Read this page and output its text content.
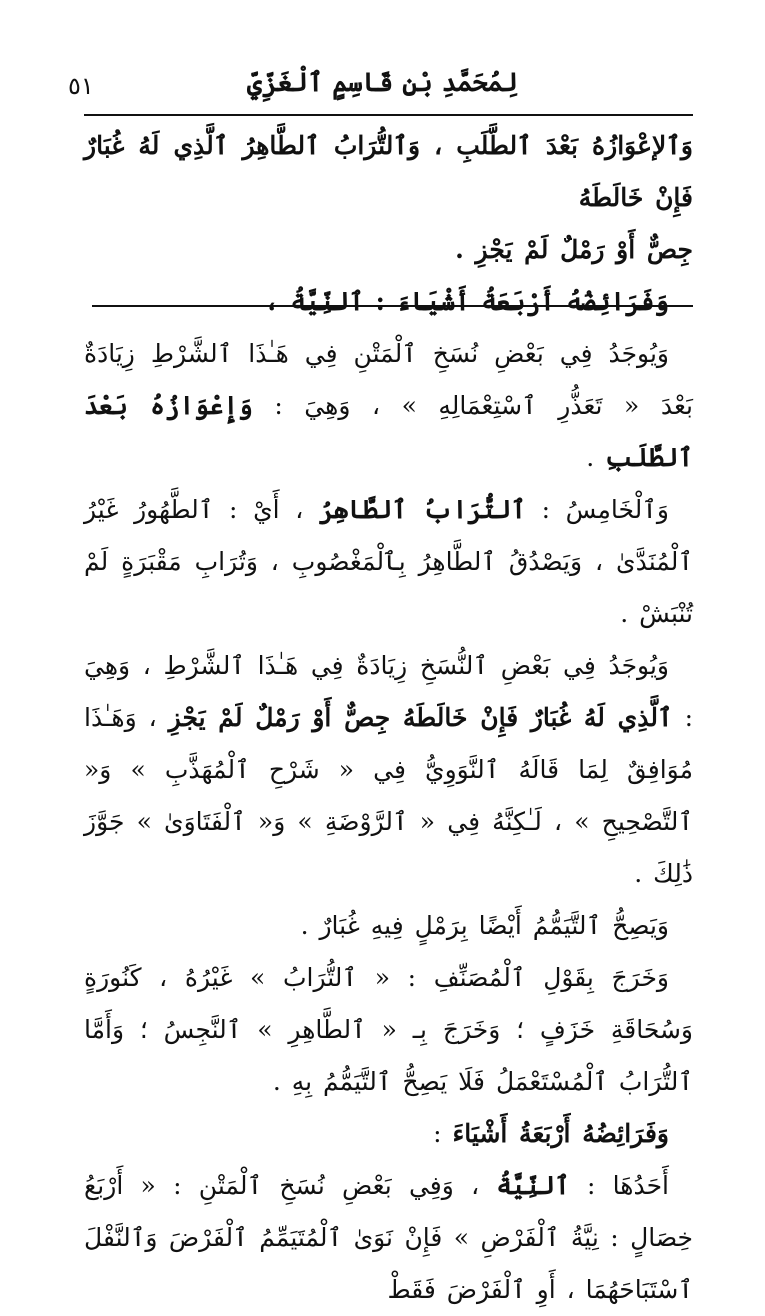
لِمُحَمَّدِ بْنِ قَاسِمٍ ٱلْغَزِّيِّ
٥١

وَٱلإعْوَازُهُ بَعْدَ ٱلطَّلَبِ ، وَٱلتُّرَابُ ٱلطَّاهِرُ ٱلَّذِي لَهُ غُبَارٌ فَإِنْ خَالَطَهُ

جِصٌّ أَوْ رَمْلٌ لَمْ يَجْزِ .

وَفَرَائِضُهُ أَرْبَعَةُ أَشْيَاءَ : ٱلنِّيَّةُ ،

وَيُوجَدُ فِي بَعْضِ نُسَخِ ٱلْمَتْنِ فِي هَـٰذَا ٱلشَّرْطِ زِيَادَةٌ بَعْدَ « تَعَذُّرِ ٱسْتِعْمَالِهِ » ، وَهِيَ : وَإِعْوَازُهُ بَعْدَ ٱلطَّلَبِ .

وَٱلْخَامِسُ : ٱلتُّرَابُ ٱلطَّاهِرُ ، أَيْ : ٱلطَّهُورُ غَيْرُ ٱلْمُنَدَّىٰ ، وَيَصْدُقُ ٱلطَّاهِرُ بِٱلْمَغْصُوبِ ، وَتُرَابِ مَقْبَرَةٍ لَمْ تُنْبَشْ .

وَيُوجَدُ فِي بَعْضِ ٱلنُّسَخِ زِيَادَةٌ فِي هَـٰذَا ٱلشَّرْطِ ، وَهِيَ : ٱلَّذِي لَهُ غُبَارٌ فَإِنْ خَالَطَهُ جِصٌّ أَوْ رَمْلٌ لَمْ يَجْزِ ، وَهَـٰذَا مُوَافِقٌ لِمَا قَالَهُ ٱلنَّوَوِيُّ فِي « شَرْحِ ٱلْمُهَذَّبِ » وَ« ٱلتَّصْحِيحِ » ، لَـٰكِنَّهُ فِي « ٱلرَّوْضَةِ » وَ« ٱلْفَتَاوَىٰ » جَوَّزَ ذَٰلِكَ .

وَيَصِحُّ ٱلتَّيَمُّمُ أَيْضًا بِرَمْلٍ فِيهِ غُبَارٌ .

وَخَرَجَ بِقَوْلِ ٱلْمُصَنِّفِ : « ٱلتُّرَابُ » غَيْرُهُ ، كَنُورَةٍ وَسُحَاقَةِ خَزَفٍ ؛ وَخَرَجَ بِـ « ٱلطَّاهِرِ » ٱلنَّجِسُ ؛ وَأَمَّا ٱلتُّرَابُ ٱلْمُسْتَعْمَلُ فَلَا يَصِحُّ ٱلتَّيَمُّمُ بِهِ .

وَفَرَائِضُهُ أَرْبَعَةُ أَشْيَاءَ :

أَحَدُهَا : ٱلنِّيَّةُ ، وَفِي بَعْضِ نُسَخِ ٱلْمَتْنِ : « أَرْبَعُ خِصَالٍ : نِيَّةُ ٱلْفَرْضِ » فَإِنْ نَوَىٰ ٱلْمُتَيَمِّمُ ٱلْفَرْضَ وَٱلنَّفْلَ ٱسْتَبَاحَهُمَا ، أَوِ ٱلْفَرْضَ فَقَطْ
